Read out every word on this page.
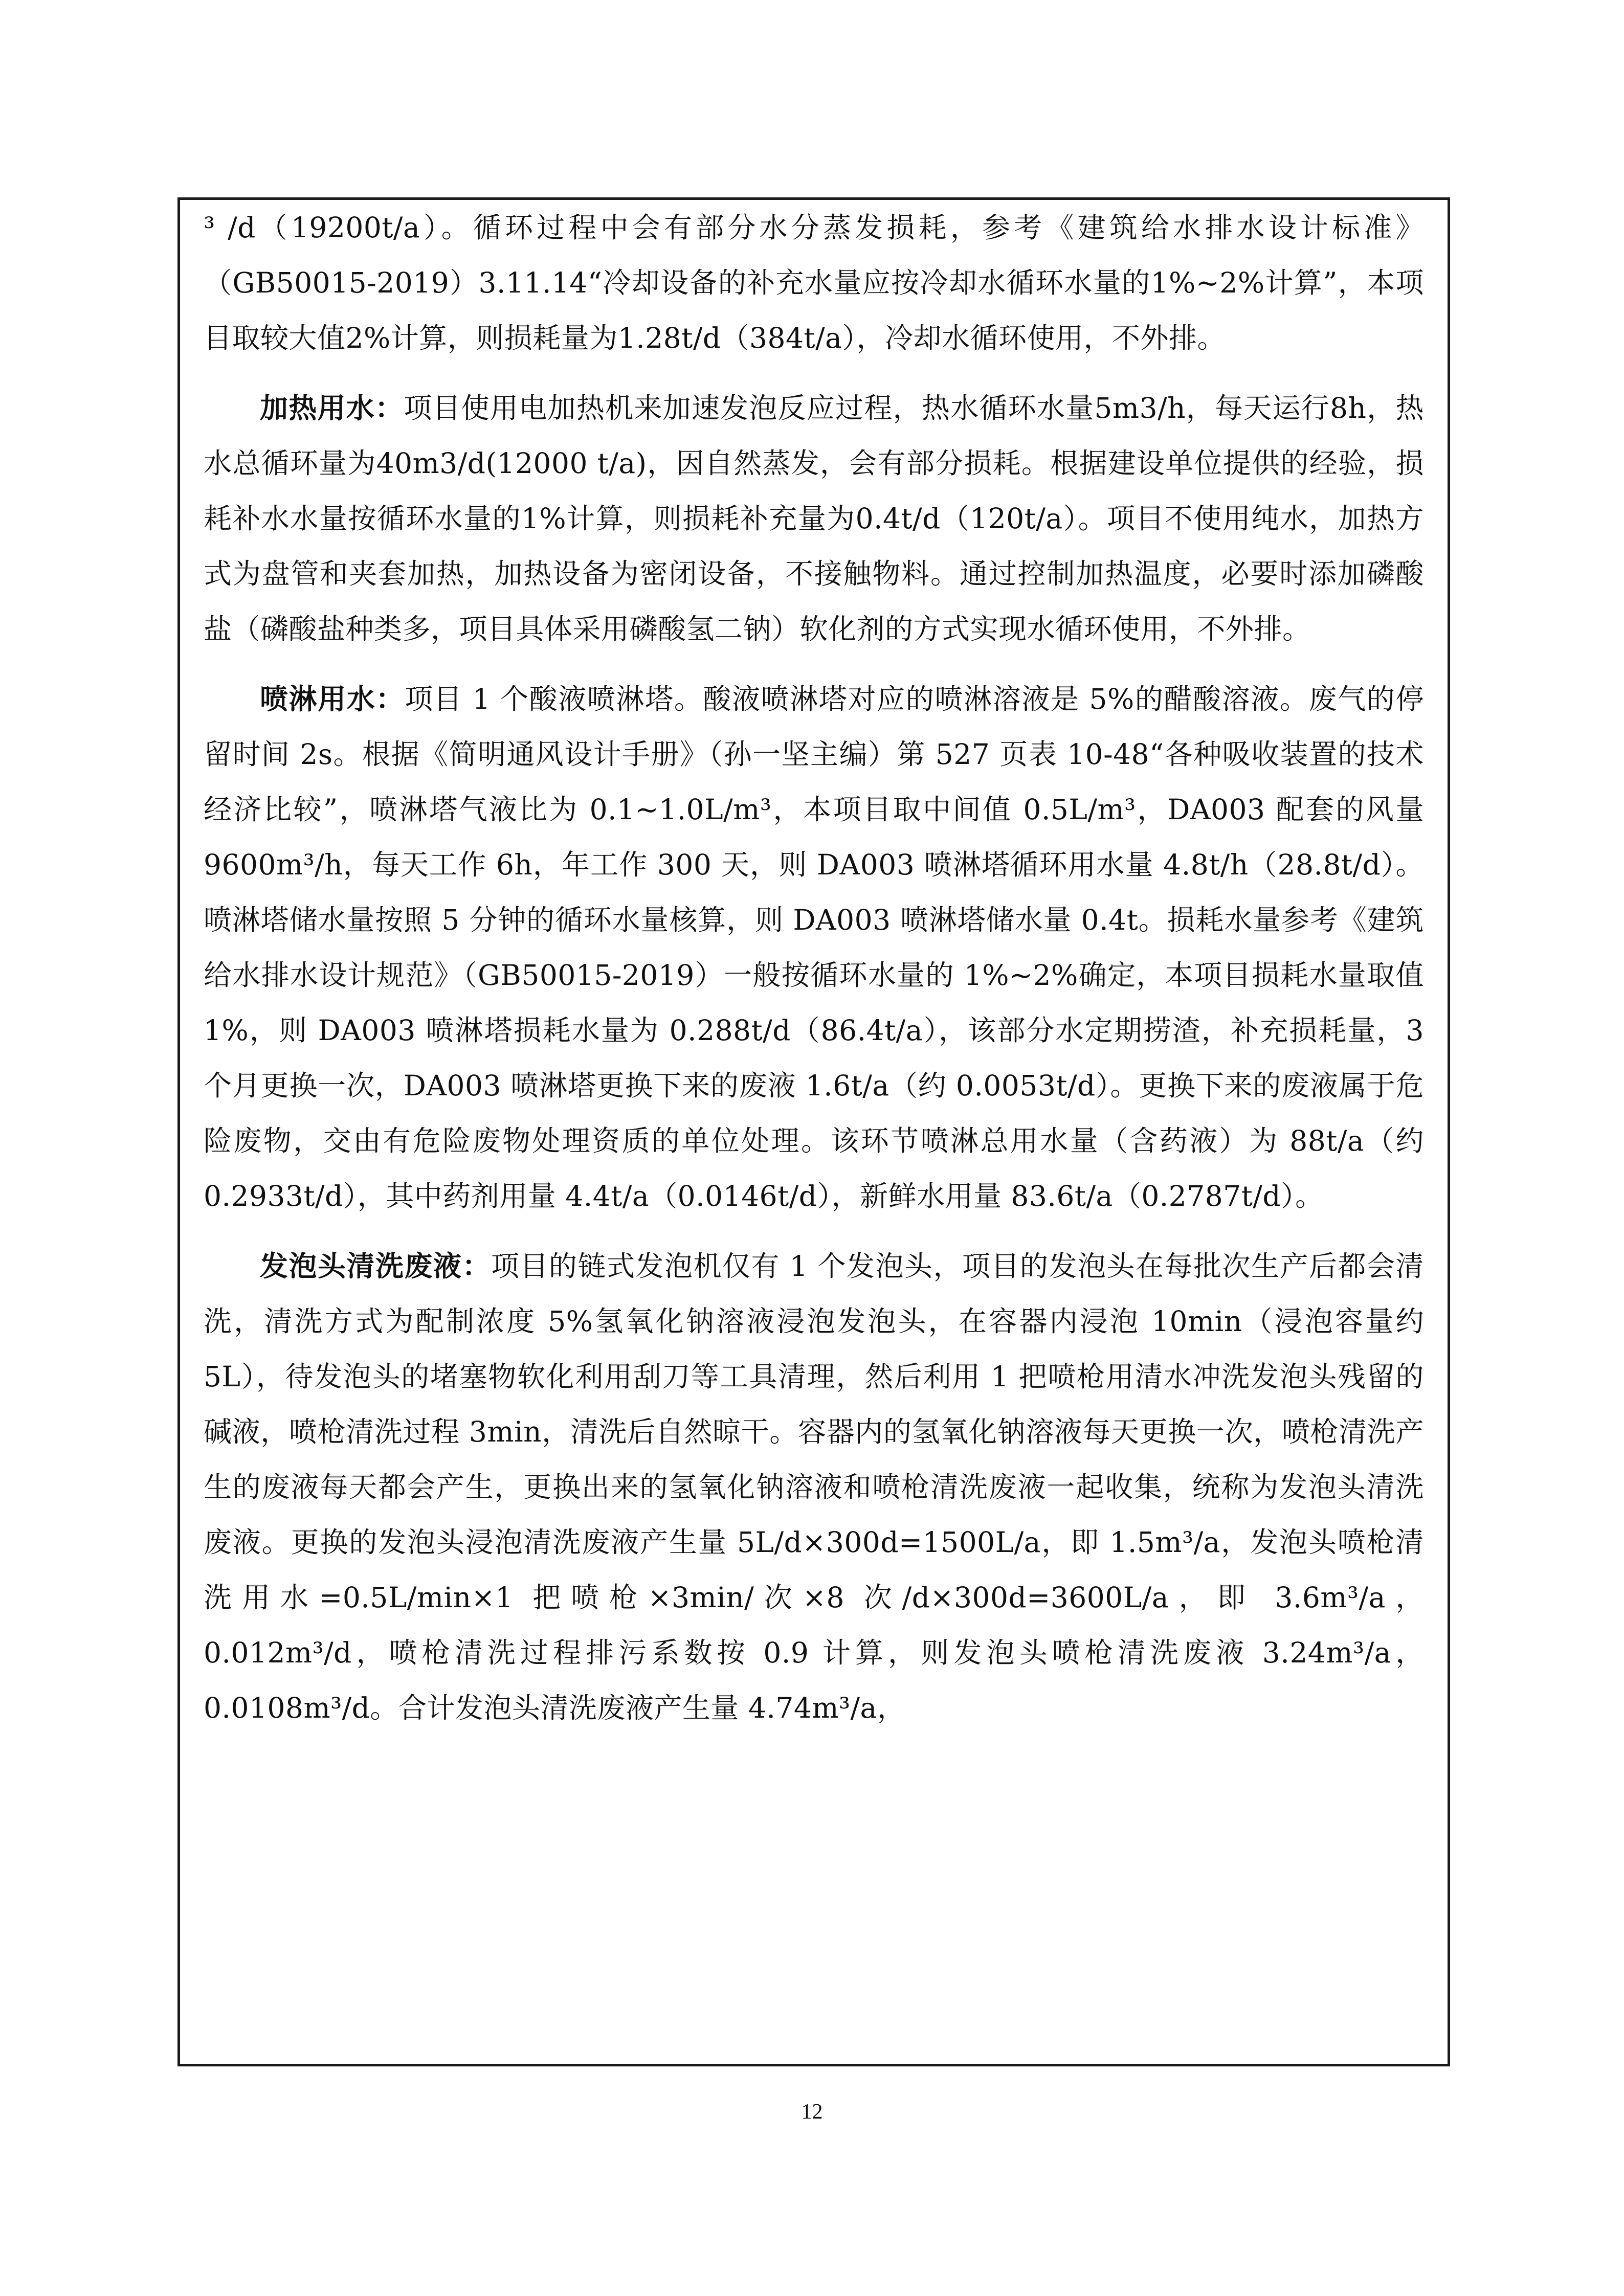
³ /d（19200t/a）。循环过程中会有部分水分蒸发损耗，参考《建筑给水排水设计标准》（GB50015-2019）3.11.14“冷却设备的补充水量应按冷却水循环水量的1%~2%计算”，本项目取较大值2%计算，则损耗量为1.28t/d（384t/a），冷却水循环使用，不外排。

加热用水：项目使用电加热机来加速发泡反应过程，热水循环水量5m3/h，每天运行8h，热水总循环量为40m3/d(12000 t/a)，因自然蒸发，会有部分损耗。根据建设单位提供的经验，损耗补水水量按循环水量的1%计算，则损耗补充量为0.4t/d（120t/a）。项目不使用纯水，加热方式为盘管和夹套加热，加热设备为密闭设备，不接触物料。通过控制加热温度，必要时添加磷酸盐（磷酸盐种类多，项目具体采用磷酸氢二钠）软化剂的方式实现水循环使用，不外排。

喷淋用水：项目 1 个酸液喷淋塔。酸液喷淋塔对应的喷淋溶液是 5%的醋酸溶液。废气的停留时间 2s。根据《简明通风设计手册》（孙一坚主编）第 527 页表 10-48“各种吸收装置的技术经济比较”，喷淋塔气液比为 0.1~1.0L/m³，本项目取中间值 0.5L/m³，DA003 配套的风量 9600m³/h，每天工作 6h，年工作 300 天，则 DA003 喷淋塔循环用水量 4.8t/h（28.8t/d）。喷淋塔储水量按照 5 分钟的循环水量核算，则 DA003 喷淋塔储水量 0.4t。损耗水量参考《建筑给水排水设计规范》（GB50015-2019）一般按循环水量的 1%~2%确定，本项目损耗水量取值 1%，则 DA003 喷淋塔损耗水量为 0.288t/d（86.4t/a），该部分水定期捞渣，补充损耗量，3 个月更换一次，DA003 喷淋塔更换下来的废液 1.6t/a（约 0.0053t/d）。更换下来的废液属于危险废物，交由有危险废物处理资质的单位处理。该环节喷淋总用水量（含药液）为 88t/a（约 0.2933t/d），其中药剂用量 4.4t/a（0.0146t/d），新鲜水用量 83.6t/a（0.2787t/d）。

发泡头清洗废液：项目的链式发泡机仅有 1 个发泡头，项目的发泡头在每批次生产后都会清洗，清洗方式为配制浓度 5%氢氧化钠溶液浸泡发泡头，在容器内浸泡 10min（浸泡容量约 5L），待发泡头的堵塞物软化利用刮刀等工具清理，然后利用 1 把喷枪用清水冲洗发泡头残留的碱液，喷枪清洗过程 3min，清洗后自然晾干。容器内的氢氧化钠溶液每天更换一次，喷枪清洗产生的废液每天都会产生，更换出来的氢氧化钠溶液和喷枪清洗废液一起收集，统称为发泡头清洗废液。更换的发泡头浸泡清洗废液产生量 5L/d×300d=1500L/a，即 1.5m³/a，发泡头喷枪清洗用水=0.5L/min×1 把喷枪×3min/次×8 次/d×300d=3600L/a，即 3.6m³/a，0.012m³/d，喷枪清洗过程排污系数按 0.9 计算，则发泡头喷枪清洗废液 3.24m³/a，0.0108m³/d。合计发泡头清洗废液产生量 4.74m³/a，

12
